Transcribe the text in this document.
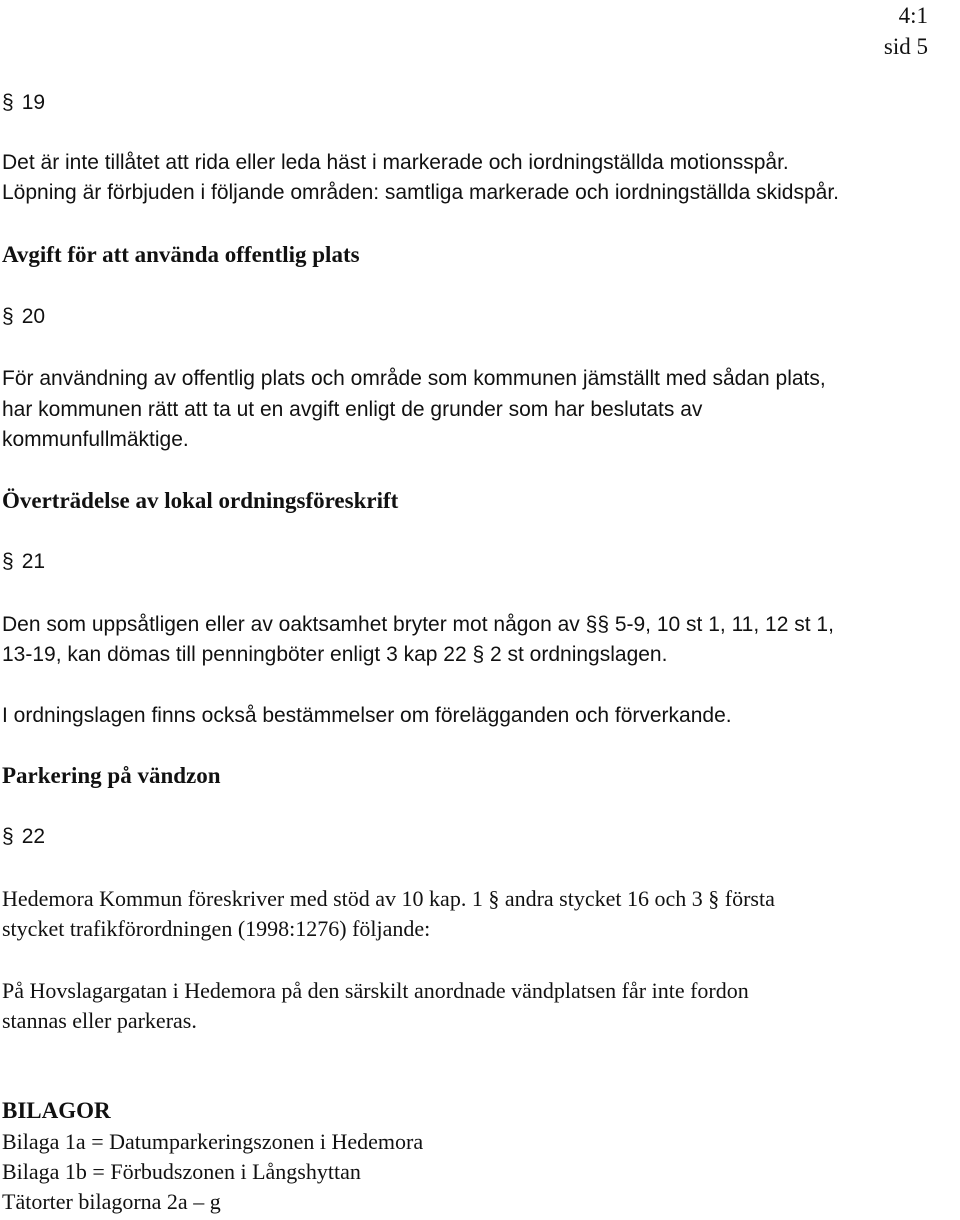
4:1
sid 5
§ 19
Det är inte tillåtet att rida eller leda häst i markerade och iordningställda motionsspår.
Löpning är förbjuden i följande områden: samtliga markerade och iordningställda skidspår.
Avgift för att använda offentlig plats
§ 20
För användning av offentlig plats och område som kommunen jämställt med sådan plats,
har kommunen rätt att ta ut en avgift enligt de grunder som har beslutats av
kommunfullmäktige.
Överträdelse av lokal ordningsföreskrift
§ 21
Den som uppsåtligen eller av oaktsamhet bryter mot någon av §§ 5-9, 10 st 1, 11, 12 st 1,
13-19, kan dömas till penningböter enligt 3 kap 22 § 2 st ordningslagen.
I ordningslagen finns också bestämmelser om förelägganden och förverkande.
Parkering på vändzon
§ 22
Hedemora Kommun föreskriver med stöd av 10 kap. 1 § andra stycket 16 och 3 § första
stycket trafikförordningen (1998:1276) följande:
På Hovslagargatan i Hedemora på den särskilt anordnade vändplatsen får inte fordon
stannas eller parkeras.
BILAGOR
Bilaga 1a = Datumparkeringszonen i Hedemora
Bilaga 1b = Förbudszonen i Långshyttan
Tätorter bilagorna 2a – g
